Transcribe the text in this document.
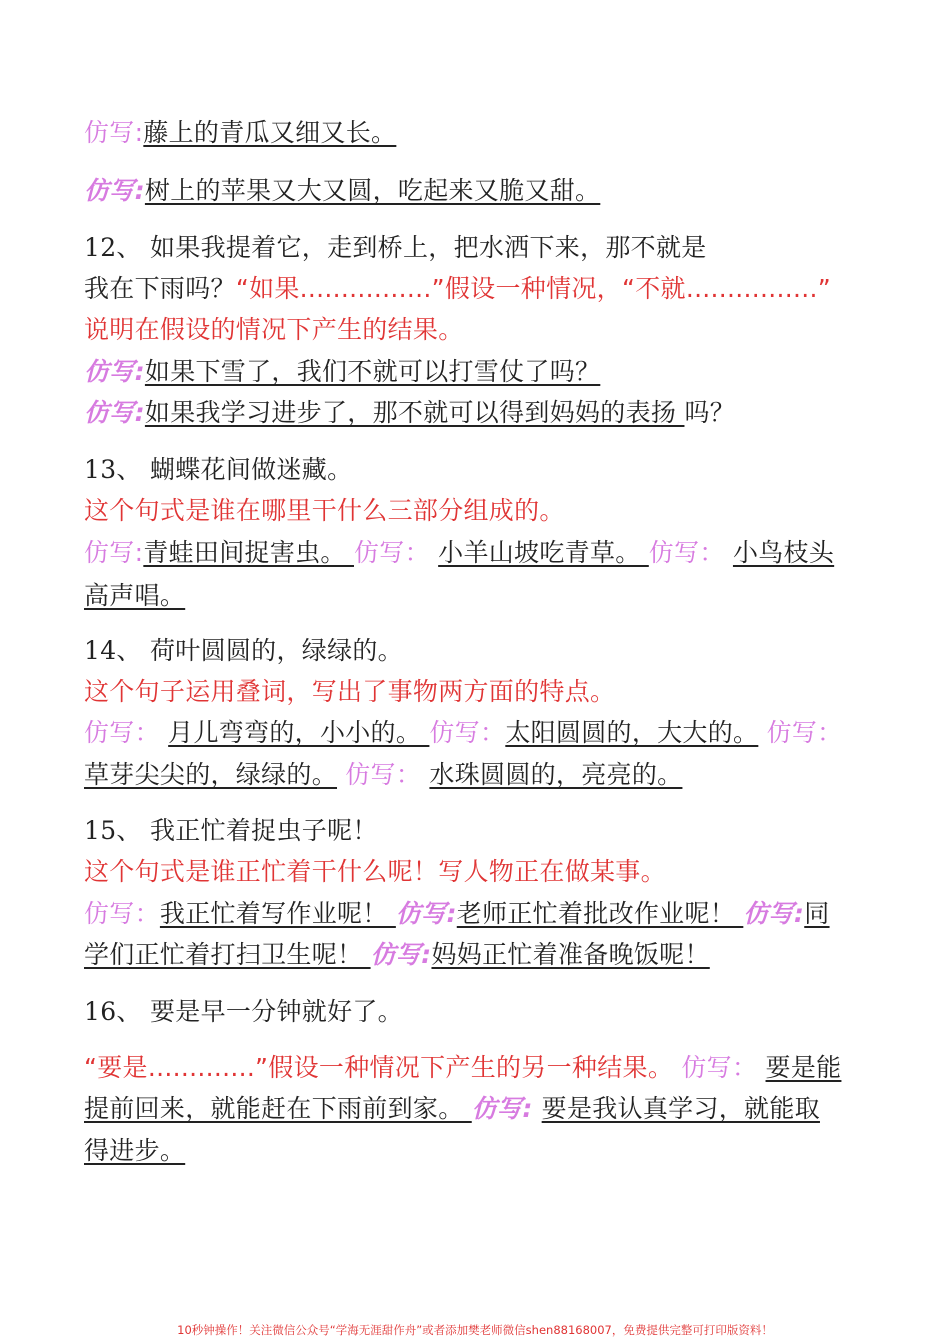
仿写:藤上的青瓜又细又长。
仿写:树上的苹果又大又圆，吃起来又脆又甜。
12、 如果我提着它，走到桥上，把水洒下来，那不就是
我在下雨吗？“如果................”假设一种情况，“不就................”
说明在假设的情况下产生的结果。
仿写:如果下雪了，我们不就可以打雪仗了吗？
仿写:如果我学习进步了，那不就可以得到妈妈的表扬 吗？
13、 蝴蝶花间做迷藏。
这个句式是谁在哪里干什么三部分组成的。
仿写:青蛙田间捉害虫。 仿写： 小羊山坡吃青草。 仿写： 小鸟枝头
高声唱。
14、 荷叶圆圆的，绿绿的。
这个句子运用叠词，写出了事物两方面的特点。
仿写： 月儿弯弯的，小小的。 仿写：太阳圆圆的，大大的。 仿写：
草芽尖尖的，绿绿的。 仿写： 水珠圆圆的，亮亮的。
15、 我正忙着捉虫子呢！
这个句式是谁正忙着干什么呢！写人物正在做某事。
仿写：我正忙着写作业呢！ 仿写:老师正忙着批改作业呢！ 仿写:同
学们正忙着打扫卫生呢！ 仿写:妈妈正忙着准备晚饭呢！
16、 要是早一分钟就好了。
“要是.............”假设一种情况下产生的另一种结果。 仿写： 要是能
提前回来，就能赶在下雨前到家。 仿写: 要是我认真学习，就能取
得进步。
10秒钟操作！关注微信公众号“学海无涯甜作舟”或者添加樊老师微信shen88168007，免费提供完整可打印版资料！
